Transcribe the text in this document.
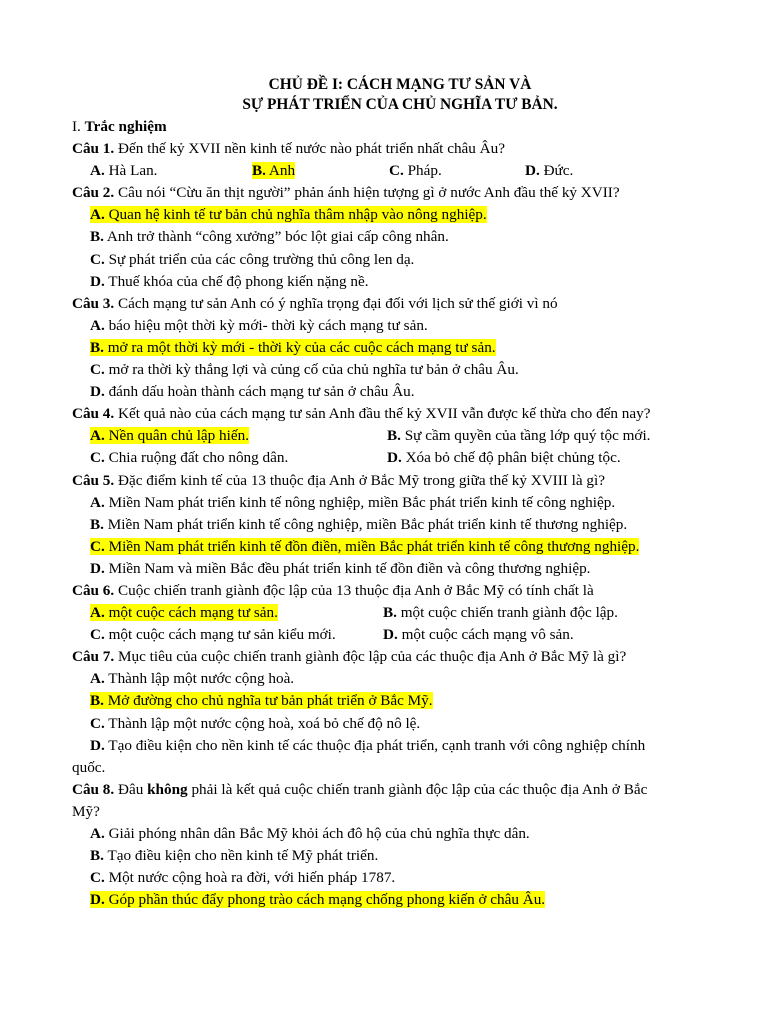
CHỦ ĐỀ I: CÁCH MẠNG TƯ SẢN VÀ
SỰ PHÁT TRIỂN CỦA CHỦ NGHĨA TƯ BẢN.
I. Trắc nghiệm
Câu 1. Đến thế kỷ XVII nền kinh tế nước nào phát triển nhất châu Âu?
A. Hà Lan.	B. Anh	C. Pháp.	D. Đức.
Câu 2. Câu nói “Cừu ăn thịt người” phản ánh hiện tượng gì ở nước Anh đầu thế kỷ XVII?
A. Quan hệ kinh tế tư bản chủ nghĩa thâm nhập vào nông nghiệp.
B. Anh trở thành “công xưởng” bóc lột giai cấp công nhân.
C. Sự phát triển của các công trường thủ công len dạ.
D. Thuế khóa của chế độ phong kiến nặng nề.
Câu 3. Cách mạng tư sản Anh có ý nghĩa trọng đại đối với lịch sử thế giới vì nó
A. báo hiệu một thời kỳ mới- thời kỳ cách mạng tư sản.
B. mở ra một thời kỳ mới - thời kỳ của các cuộc cách mạng tư sản.
C. mở ra thời kỳ thắng lợi và củng cố của chủ nghĩa tư bản ở châu Âu.
D. đánh dấu hoàn thành cách mạng tư sản ở châu Âu.
Câu 4. Kết quả nào của cách mạng tư sản Anh đầu thế kỷ XVII vẫn được kế thừa cho đến nay?
A. Nền quân chủ lập hiến.	B. Sự cầm quyền của tầng lớp quý tộc mới.
C. Chia ruộng đất cho nông dân.	D. Xóa bỏ chế độ phân biệt chủng tộc.
Câu 5. Đặc điểm kinh tế của 13 thuộc địa Anh ở Bắc Mỹ trong giữa thế kỷ XVIII là gì?
A. Miền Nam phát triển kinh tế nông nghiệp, miền Bắc phát triển kinh tế công nghiệp.
B. Miền Nam phát triển kinh tế công nghiệp, miền Bắc phát triển kinh tế thương nghiệp.
C. Miền Nam phát triển kinh tế đồn điền, miền Bắc phát triển kinh tế công thương nghiệp.
D. Miền Nam và miền Bắc đều phát triển kinh tế đồn điền và công thương nghiệp.
Câu 6. Cuộc chiến tranh giành độc lập của 13 thuộc địa Anh ở Bắc Mỹ có tính chất là
A. một cuộc cách mạng tư sản.	B. một cuộc chiến tranh giành độc lập.
C. một cuộc cách mạng tư sản kiểu mới.	D. một cuộc cách mạng vô sản.
Câu 7. Mục tiêu của cuộc chiến tranh giành độc lập của các thuộc địa Anh ở Bắc Mỹ là gì?
A. Thành lập một nước cộng hoà.
B. Mở đường cho chủ nghĩa tư bản phát triển ở Bắc Mỹ.
C. Thành lập một nước cộng hoà, xoá bỏ chế độ nô lệ.
D. Tạo điều kiện cho nền kinh tế các thuộc địa phát triển, cạnh tranh với công nghiệp chính
quốc.
Câu 8. Đâu không phải là kết quả cuộc chiến tranh giành độc lập của các thuộc địa Anh ở Bắc
Mỹ?
A. Giải phóng nhân dân Bắc Mỹ khỏi ách đô hộ của chủ nghĩa thực dân.
B. Tạo điều kiện cho nền kinh tế Mỹ phát triển.
C. Một nước cộng hoà ra đời, với hiến pháp 1787.
D. Góp phần thúc đẩy phong trào cách mạng chống phong kiến ở châu Âu.
